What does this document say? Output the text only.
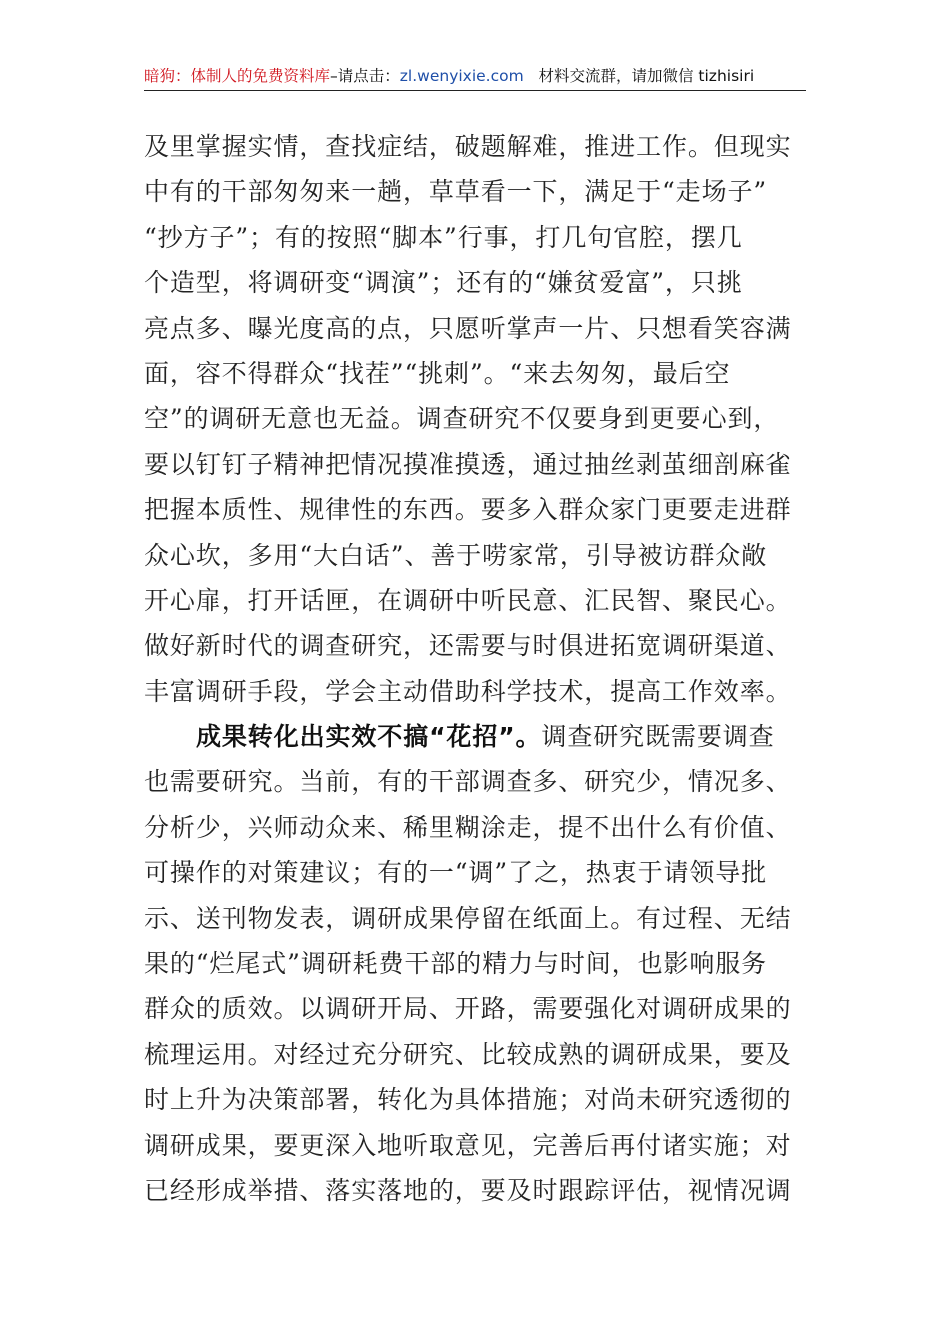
暗狗：体制人的免费资料库–请点击：zl.wenyixie.com 材料交流群，请加微信 tizhisiri
及里掌握实情，查找症结，破题解难，推进工作。但现实
中有的干部匆匆来一趟，草草看一下，满足于“走场子”
“抄方子”；有的按照“脚本”行事，打几句官腔，摆几
个造型，将调研变“调演”；还有的“嫌贫爱富”，只挑
亮点多、曝光度高的点，只愿听掌声一片、只想看笑容满
面，容不得群众“找茬”“挑刺”。“来去匆匆，最后空
空”的调研无意也无益。调查研究不仅要身到更要心到，
要以钉钉子精神把情况摸准摸透，通过抽丝剥茧细剖麻雀
把握本质性、规律性的东西。要多入群众家门更要走进群
众心坎，多用“大白话”、善于唠家常，引导被访群众敞
开心扉，打开话匣，在调研中听民意、汇民智、聚民心。
做好新时代的调查研究，还需要与时俱进拓宽调研渠道、
丰富调研手段，学会主动借助科学技术，提高工作效率。
成果转化出实效不搞“花招”。调查研究既需要调查
也需要研究。当前，有的干部调查多、研究少，情况多、
分析少，兴师动众来、稀里糊涂走，提不出什么有价值、
可操作的对策建议；有的一“调”了之，热衷于请领导批
示、送刊物发表，调研成果停留在纸面上。有过程、无结
果的“烂尾式”调研耗费干部的精力与时间，也影响服务
群众的质效。以调研开局、开路，需要强化对调研成果的
梳理运用。对经过充分研究、比较成熟的调研成果，要及
时上升为决策部署，转化为具体措施；对尚未研究透彻的
调研成果，要更深入地听取意见，完善后再付诸实施；对
已经形成举措、落实落地的，要及时跟踪评估，视情况调
